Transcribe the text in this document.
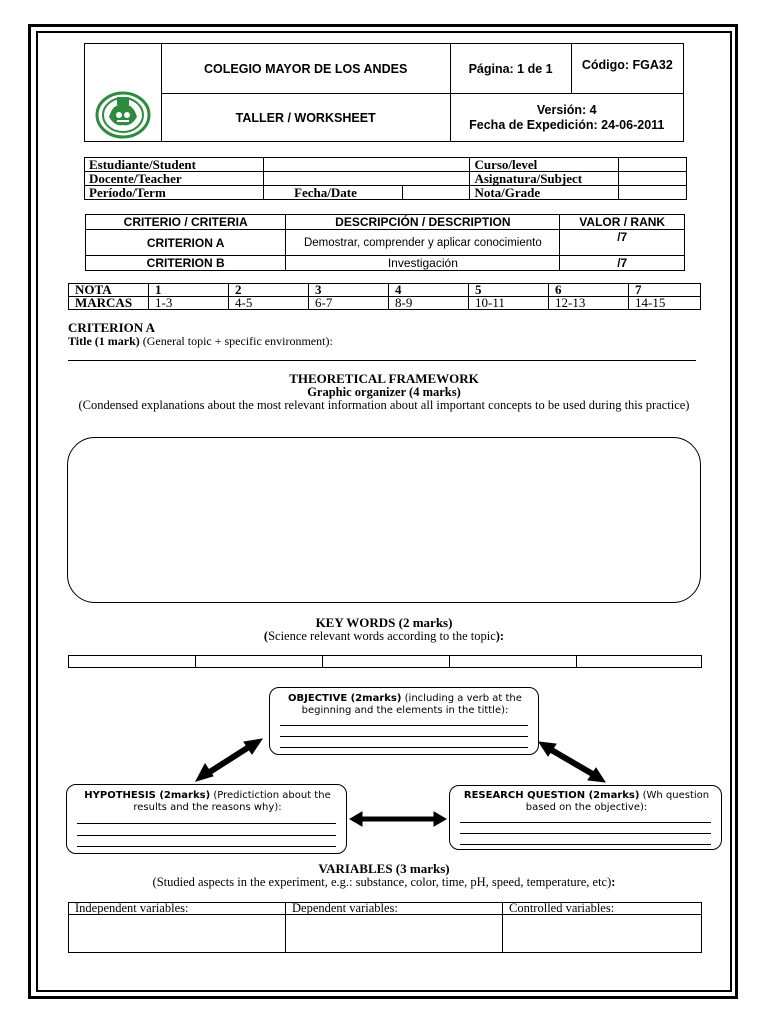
	COLEGIO MAYOR DE LOS ANDES	Página: 1 de 1	Código: FGA32
	TALLER / WORKSHEET	Versión: 4
Fecha de Expedición: 24-06-2011	
Estudiante/Student			Curso/level	
Docente/Teacher			Asignatura/Subject	
Período/Term	Fecha/Date		Nota/Grade	
CRITERIO / CRITERIA	DESCRIPCIÓN / DESCRIPTION	VALOR / RANK
CRITERION A	Demostrar, comprender y aplicar conocimiento	/7
CRITERION B	Investigación	/7
NOTA	1	2	3	4	5	6	7
MARCAS	1-3	4-5	6-7	8-9	10-11	12-13	14-15

CRITERION A

Title (1 mark) (General topic + specific environment):

THEORETICAL FRAMEWORK

Graphic organizer (4 marks)

(Condensed explanations about the most relevant information about all important concepts to be used during this practice)

KEY WORDS (2 marks)

(Science relevant words according to the topic):

OBJECTIVE (2marks) (including a verb at the beginning and the elements in the tittle):
HYPOTHESIS (2marks) (Predictiction about the results and the reasons why):
RESEARCH QUESTION (2marks) (Wh question based on the objective):

VARIABLES (3 marks)

(Studied aspects in the experiment, e.g.: substance, color, time, pH, speed, temperature, etc):

Independent variables:	Dependent variables:	Controlled variables:
